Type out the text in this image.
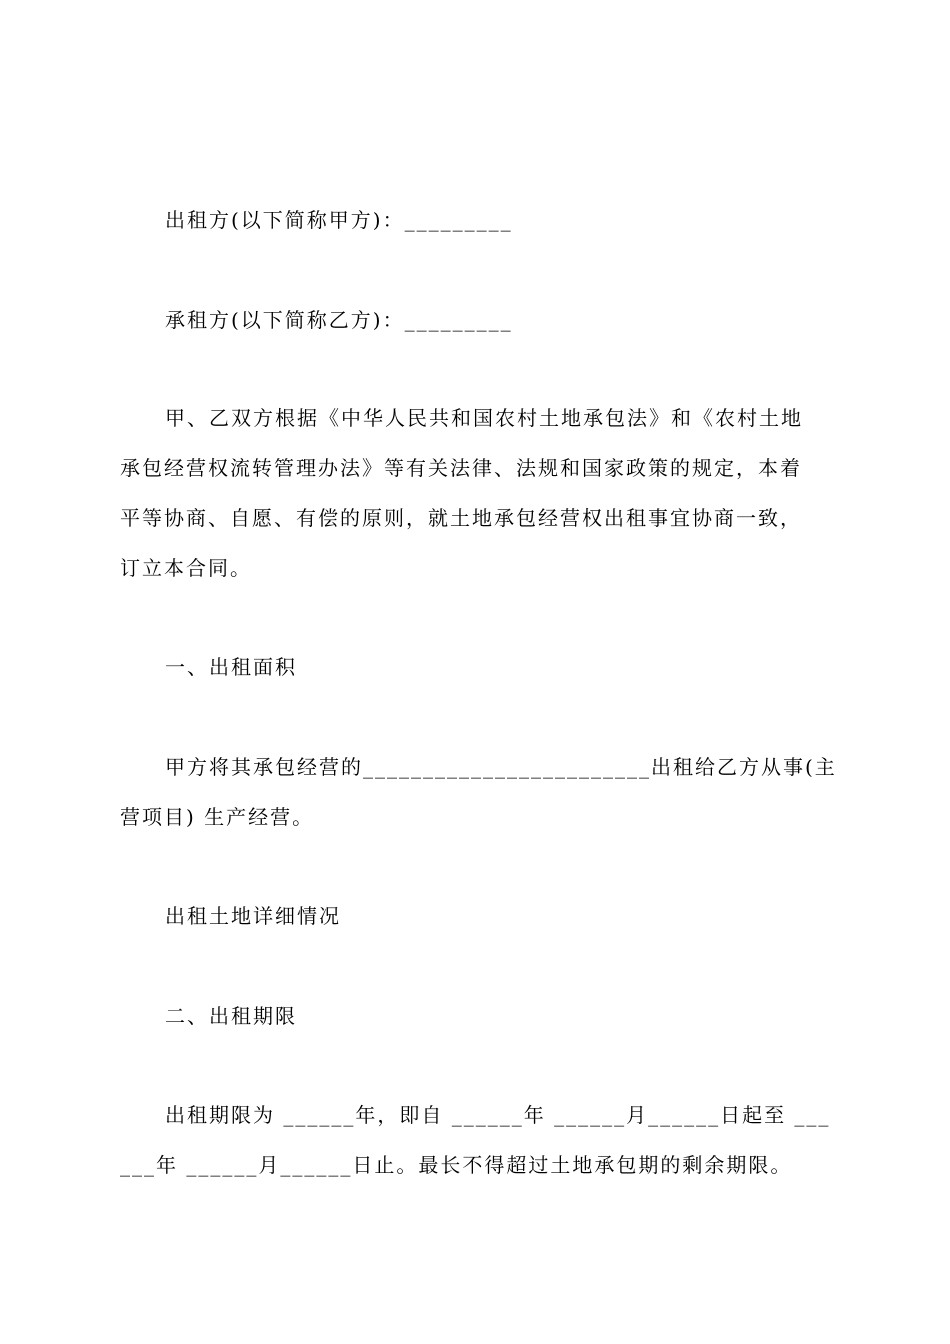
出租方(以下简称甲方)：_________
承租方(以下简称乙方)：_________
甲、乙双方根据《中华人民共和国农村土地承包法》和《农村土地
承包经营权流转管理办法》等有关法律、法规和国家政策的规定，本着
平等协商、自愿、有偿的原则，就土地承包经营权出租事宜协商一致，
订立本合同。
一、出租面积
甲方将其承包经营的________________________出租给乙方从事(主
营项目) 生产经营。
出租土地详细情况
二、出租期限
出租期限为 ______年，即自 ______年 ______月______日起至 ___
___年 ______月______日止。最长不得超过土地承包期的剩余期限。
